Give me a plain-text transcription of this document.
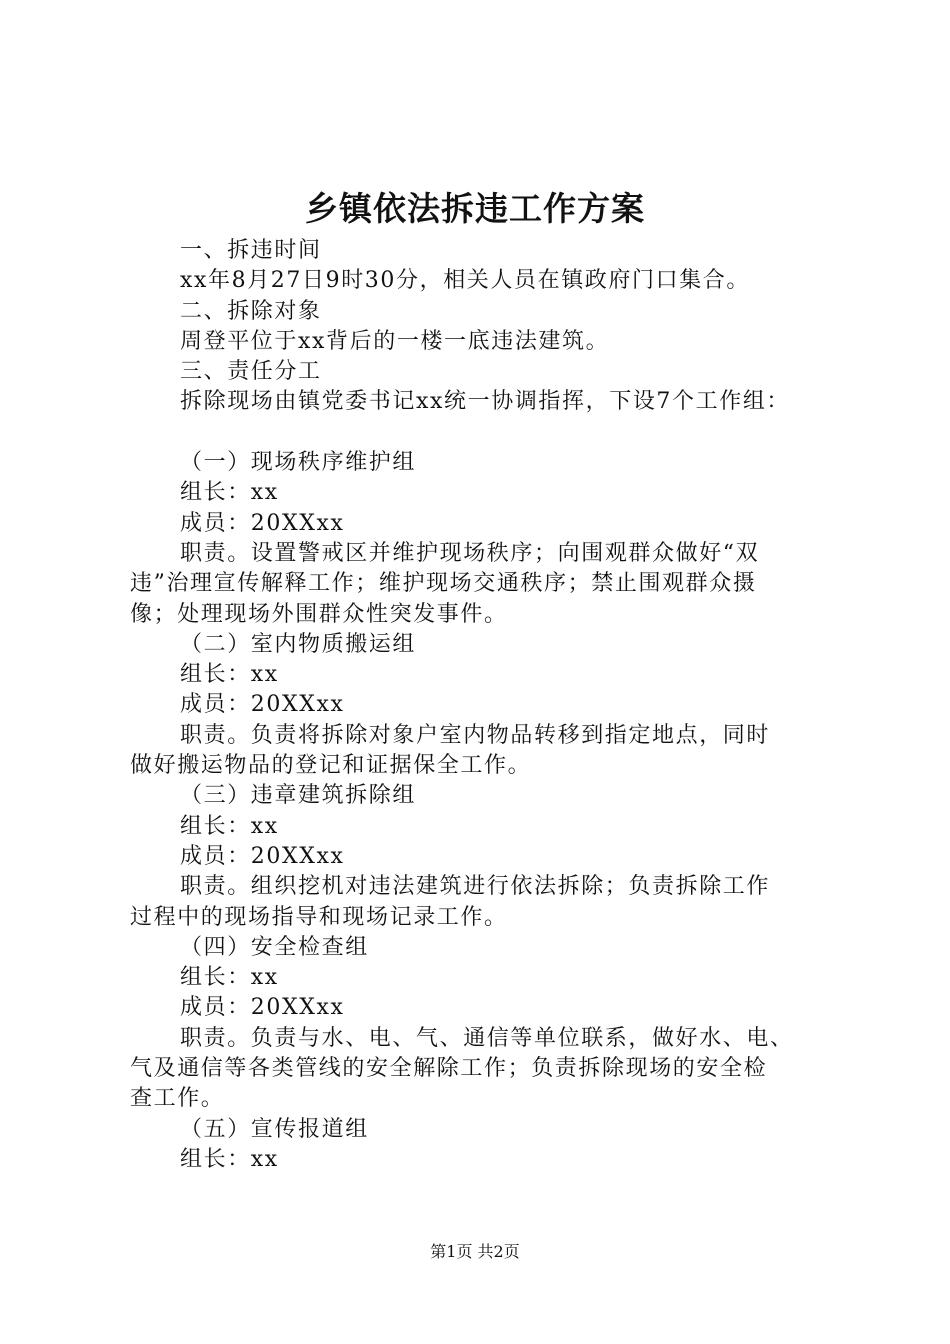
乡镇依法拆违工作方案

一、拆违时间

xx年8月27日9时30分，相关人员在镇政府门口集合。

二、拆除对象

周登平位于xx背后的一楼一底违法建筑。

三、责任分工

拆除现场由镇党委书记xx统一协调指挥，下设7个工作组：

（一）现场秩序维护组

组长：xx

成员：20XXxx

职责。设置警戒区并维护现场秩序；向围观群众做好“双

违”治理宣传解释工作；维护现场交通秩序；禁止围观群众摄

像；处理现场外围群众性突发事件。

（二）室内物质搬运组

组长：xx

成员：20XXxx

职责。负责将拆除对象户室内物品转移到指定地点，同时

做好搬运物品的登记和证据保全工作。

（三）违章建筑拆除组

组长：xx

成员：20XXxx

职责。组织挖机对违法建筑进行依法拆除；负责拆除工作

过程中的现场指导和现场记录工作。

（四）安全检查组

组长：xx

成员：20XXxx

职责。负责与水、电、气、通信等单位联系，做好水、电、

气及通信等各类管线的安全解除工作；负责拆除现场的安全检

查工作。

（五）宣传报道组

组长：xx

第1页 共2页
